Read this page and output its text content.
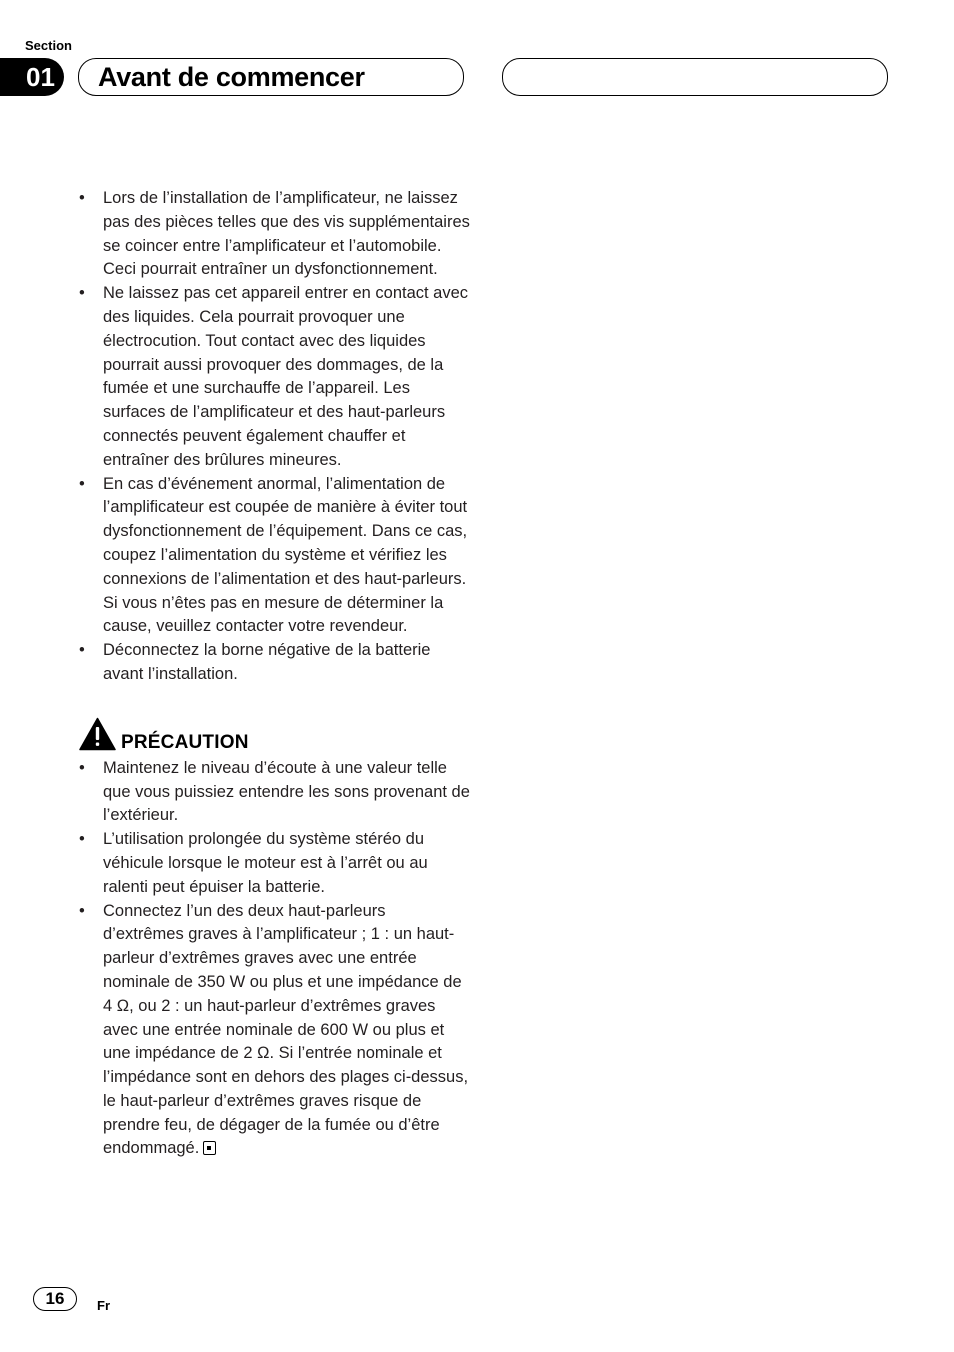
Section
01	Avant de commencer
• Lors de l’installation de l’amplificateur, ne laissez pas des pièces telles que des vis supplémentaires se coincer entre l’amplificateur et l’automobile. Ceci pourrait entraîner un dysfonctionnement.
• Ne laissez pas cet appareil entrer en contact avec des liquides. Cela pourrait provoquer une électrocution. Tout contact avec des liquides pourrait aussi provoquer des dommages, de la fumée et une surchauffe de l’appareil. Les surfaces de l’amplificateur et des haut-parleurs connectés peuvent également chauffer et entraîner des brûlures mineures.
• En cas d’événement anormal, l’alimentation de l’amplificateur est coupée de manière à éviter tout dysfonctionnement de l’équipement. Dans ce cas, coupez l’alimentation du système et vérifiez les connexions de l’alimentation et des haut-parleurs. Si vous n’êtes pas en mesure de déterminer la cause, veuillez contacter votre revendeur.
• Déconnectez la borne négative de la batterie avant l’installation.
PRÉCAUTION
• Maintenez le niveau d’écoute à une valeur telle que vous puissiez entendre les sons provenant de l’extérieur.
• L’utilisation prolongée du système stéréo du véhicule lorsque le moteur est à l’arrêt ou au ralenti peut épuiser la batterie.
• Connectez l’un des deux haut-parleurs d’extrêmes graves à l’amplificateur ; 1 : un haut-parleur d’extrêmes graves avec une entrée nominale de 350 W ou plus et une impédance de 4 Ω, ou 2 : un haut-parleur d’extrêmes graves avec une entrée nominale de 600 W ou plus et une impédance de 2 Ω. Si l’entrée nominale et l’impédance sont en dehors des plages ci-dessus, le haut-parleur d’extrêmes graves risque de prendre feu, de dégager de la fumée ou d’être endommagé.
16	Fr
